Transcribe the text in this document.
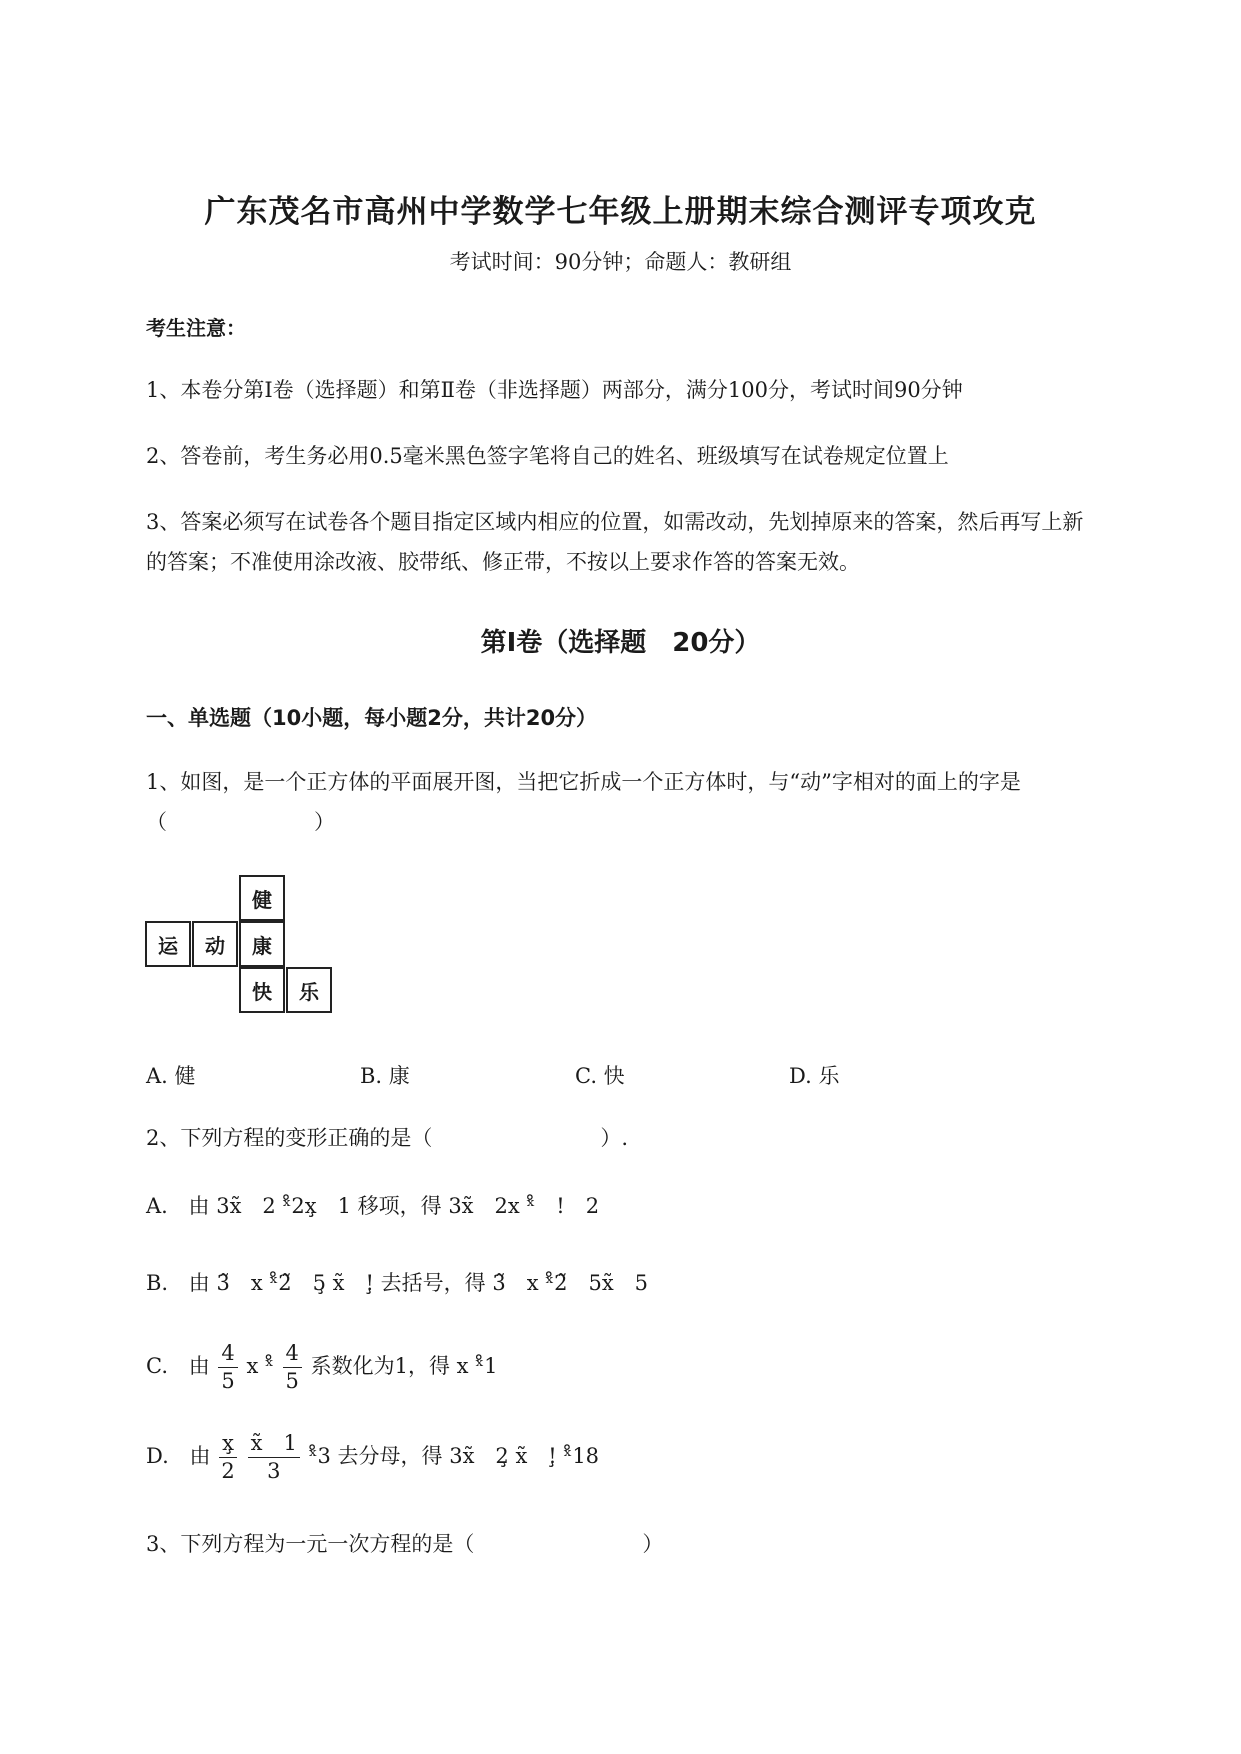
广东茂名市高州中学数学七年级上册期末综合测评专项攻克
考试时间：90分钟；命题人：教研组
考生注意：
1、本卷分第I卷（选择题）和第Ⅱ卷（非选择题）两部分，满分100分，考试时间90分钟
2、答卷前，考生务必用0.5毫米黑色签字笔将自己的姓名、班级填写在试卷规定位置上
3、答案必须写在试卷各个题目指定区域内相应的位置，如需改动，先划掉原来的答案，然后再写上新
的答案；不准使用涂改液、胶带纸、修正带，不按以上要求作答的答案无效。
第I卷（选择题　20分）
一、单选题（10小题，每小题2分，共计20分）
1、如图，是一个正方体的平面展开图，当把它折成一个正方体时，与“动”字相对的面上的字是
（　　　　　　　）
健
运	动	康
快	乐
A. 健	B. 康	C. 快	D. 乐
2、下列方程的变形正确的是（　　　　　　　　）.
A. 由 3x̃　2 ˣ̊2x̧　1 移项，得 3x̃　2x ˣ̊　!　2
B. 由 3̃　x ˣ̊2̃　5̧ x̃　!̧ 去括号，得 3̃　x ˣ̊2̃　5x̃　5
C. 由 $\frac{4}{5}$ x ˣ̊ $\frac{4}{5}$ 系数化为1，得 x ˣ̊1
D. 由 $\frac{x̧}{2}$
$\frac{x̃ 1}{3}$ ˣ̊3 去分母，得 3x̃　2̧ x̃　!̧ ˣ̊18
3、下列方程为一元一次方程的是（　　　　　　　　）
